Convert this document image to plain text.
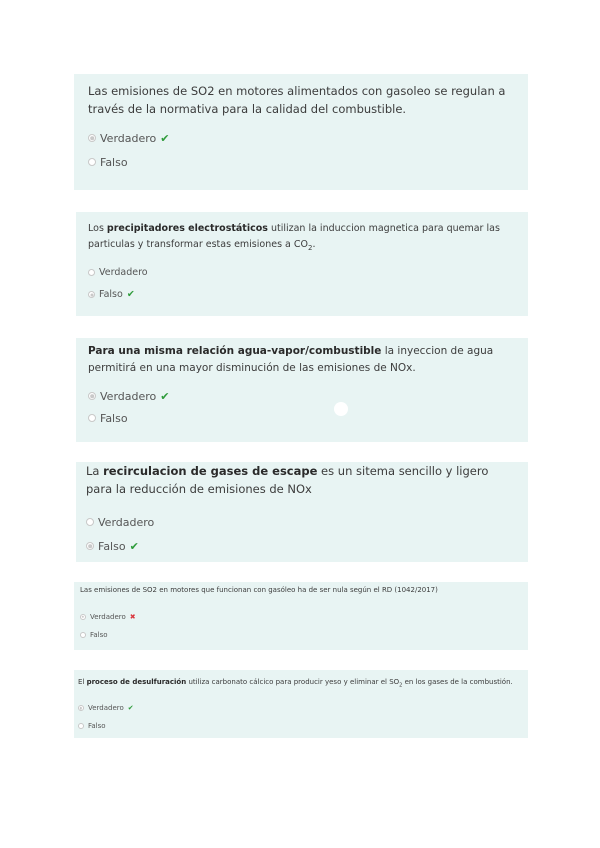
Las emisiones de SO2 en motores alimentados con gasoleo se regulan a través de la normativa para la calidad del combustible.

Verdadero ✔
Falso

Los precipitadores electrostáticos utilizan la induccion magnetica para quemar las particulas y transformar estas emisiones a $CO_2$.

Verdadero
Falso ✔

Para una misma relación agua-vapor/combustible la inyeccion de agua permitirá en una mayor disminución de las emisiones de NOx.

Verdadero ✔
Falso

La recirculacion de gases de escape es un sitema sencillo y ligero para la reducción de emisiones de NOx

Verdadero
Falso ✔

Las emisiones de SO2 en motores que funcionan con gasóleo ha de ser nula según el RD (1042/2017)

Verdadero ✖
Falso

El proceso de desulfuración utiliza carbonato cálcico para producir yeso y eliminar el $SO_2$ en los gases de la combustión.

Verdadero ✔
Falso
